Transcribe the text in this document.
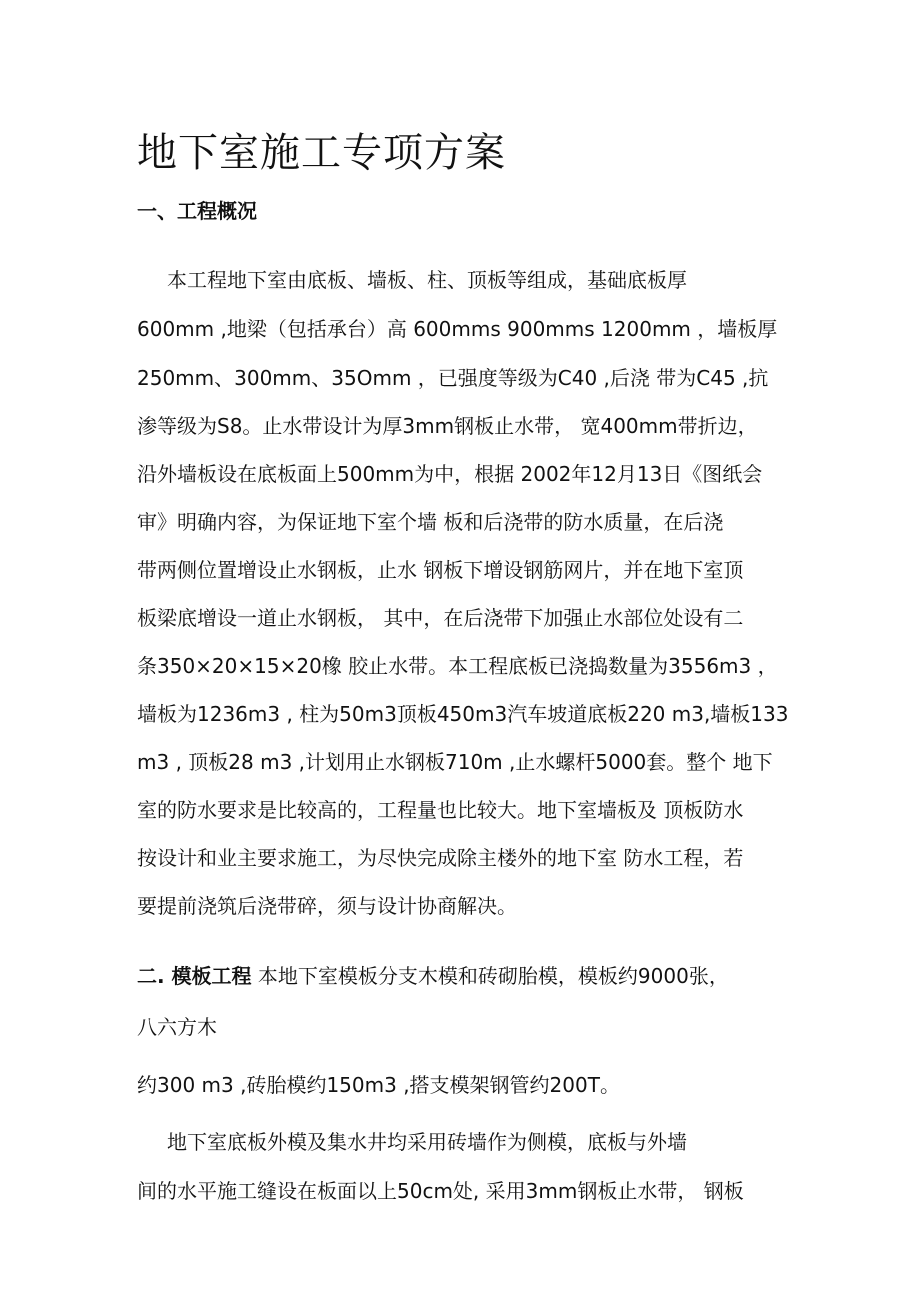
地下室施工专项方案
一、工程概况
本工程地下室由底板、墙板、柱、顶板等组成，基础底板厚
600mm ,地梁（包括承台）高 600mms 900mms 1200mm ，墙板厚
250mm、300mm、35Omm ，已强度等级为C40 ,后浇 带为C45 ,抗
渗等级为S8。止水带设计为厚3mm钢板止水带， 宽400mm带折边，
沿外墙板设在底板面上500mm为中，根据 2002年12月13日《图纸会
审》明确内容，为保证地下室个墙 板和后浇带的防水质量，在后浇
带两侧位置增设止水钢板，止水 钢板下增设钢筋网片，并在地下室顶
板梁底增设一道止水钢板， 其中，在后浇带下加强止水部位处设有二
条350×20×15×20橡 胶止水带。本工程底板已浇捣数量为3556m3 ，
墙板为1236m3 , 柱为50m3顶板450m3汽车坡道底板220 m3,墙板133
m3 , 顶板28 m3 ,计划用止水钢板710m ,止水螺杆5000套。整个 地下
室的防水要求是比较高的，工程量也比较大。地下室墙板及 顶板防水
按设计和业主要求施工，为尽快完成除主楼外的地下室 防水工程，若
要提前浇筑后浇带碎，须与设计协商解决。
二. 模板工程 本地下室模板分支木模和砖砌胎模，模板约9000张，
八六方木
约300 m3 ,砖胎模约150m3 ,搭支模架钢管约200T。
地下室底板外模及集水井均采用砖墙作为侧模，底板与外墙
间的水平施工缝设在板面以上50cm处, 采用3mm钢板止水带， 钢板
